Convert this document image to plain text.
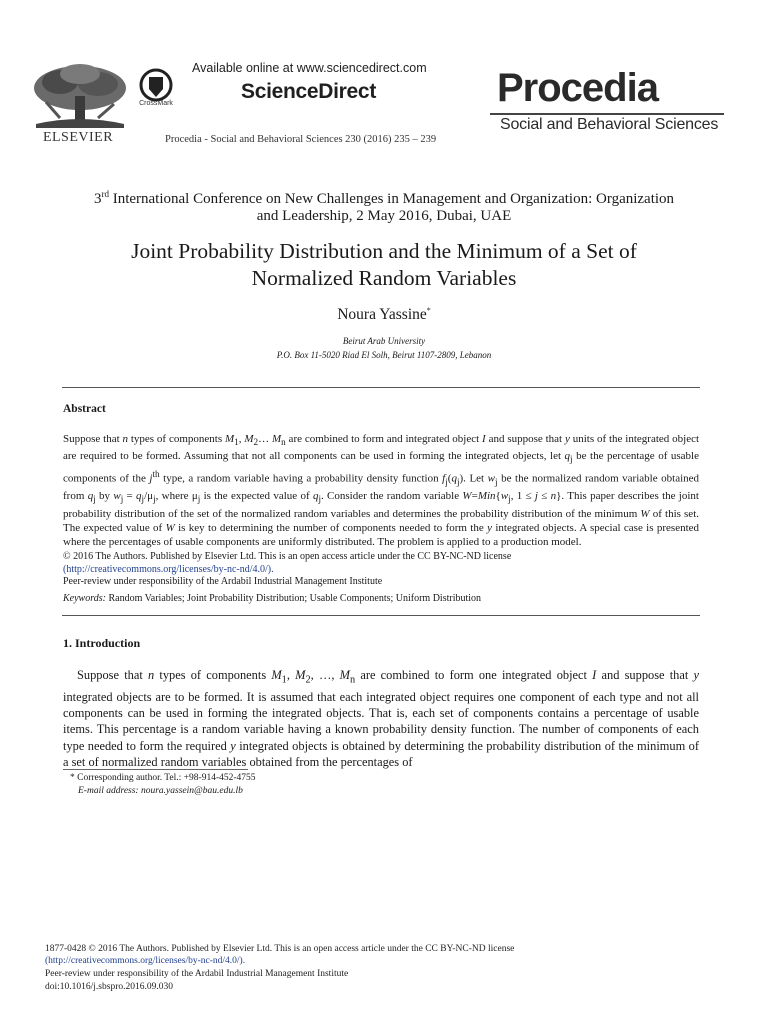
ELSEVIER
CrossMark
Available online at www.sciencedirect.com
ScienceDirect
Procedia - Social and Behavioral Sciences 230 (2016) 235 – 239
Procedia
Social and Behavioral Sciences
3rd International Conference on New Challenges in Management and Organization: Organization
and Leadership, 2 May 2016, Dubai, UAE
Joint Probability Distribution and the Minimum of a Set of
Normalized Random Variables
Noura Yassine*
Beirut Arab University
P.O. Box 11-5020 Riad El Solh, Beirut 1107-2809, Lebanon
Abstract
Suppose that n types of components $M_1$, $M_2\dots$ $M_n$ are combined to form and integrated object I and suppose that y units of the integrated object are required to be formed. Assuming that not all components can be used in forming the integrated objects, let $q_j$ be the percentage of usable components of the $j^{th}$ type, a random variable having a probability density function $f_j(q_j)$. Let $w_j$ be the normalized random variable obtained from $q_j$ by $w_j = q_j/\mu_j$, where $\mu_j$ is the expected value of $q_j$. Consider the random variable $W=Min\{w_j$, 1 ≤ j ≤ n}. This paper describes the joint probability distribution of the set of the normalized random variables and determines the probability distribution of the minimum W of this set. The expected value of W is key to determining the number of components needed to form the y integrated objects. A special case is presented where the percentages of usable components are uniformly distributed. The problem is applied to a production model.
© 2016 The Authors. Published by Elsevier Ltd. This is an open access article under the CC BY-NC-ND license
(http://creativecommons.org/licenses/by-nc-nd/4.0/).
Peer-review under responsibility of the Ardabil Industrial Management Institute
Keywords: Random Variables; Joint Probability Distribution; Usable Components; Uniform Distribution
1. Introduction
Suppose that n types of components $M_1$, $M_2$, …, $M_n$ are combined to form one integrated object I and suppose that y integrated objects are to be formed. It is assumed that each integrated object requires one component of each type and not all components can be used in forming the integrated objects. That is, each set of components contains a percentage of usable items. This percentage is a random variable having a known probability density function. The number of components of each type needed to form the required y integrated objects is obtained by determining the probability distribution of the minimum of a set of normalized random variables obtained from the percentages of
* Corresponding author. Tel.: +98-914-452-4755
E-mail address: noura.yassein@bau.edu.lb
1877-0428 © 2016 The Authors. Published by Elsevier Ltd. This is an open access article under the CC BY-NC-ND license
(http://creativecommons.org/licenses/by-nc-nd/4.0/).
Peer-review under responsibility of the Ardabil Industrial Management Institute
doi:10.1016/j.sbspro.2016.09.030
